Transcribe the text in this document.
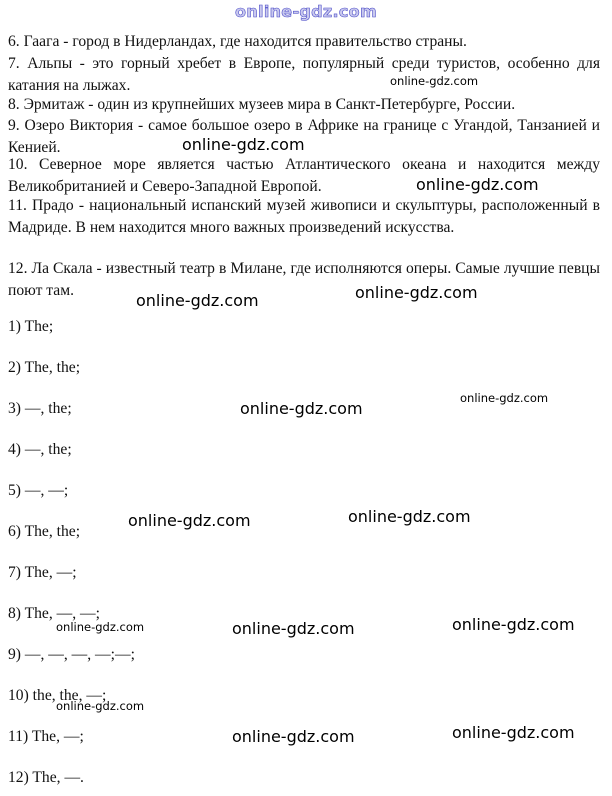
online-gdz.com

6. Гаага - город в Нидерландах, где находится правительство страны.

7. Альпы - это горный хребет в Европе, популярный среди туристов, особенно для катания на лыжах.

8. Эрмитаж - один из крупнейших музеев мира в Санкт-Петербурге, России.

9. Озеро Виктория - самое большое озеро в Африке на границе с Угандой, Танзанией и Кенией.

10. Северное море является частью Атлантического океана и находится между Великобританией и Северо-Западной Европой.

11. Прадо - национальный испанский музей живописи и скульптуры, расположенный в Мадриде. В нем находится много важных произведений искусства.

12. Ла Скала - известный театр в Милане, где исполняются оперы. Самые лучшие певцы поют там.

1) The;

2) The, the;

3) —, the;

4) —, the;

5) —, —;

6) The, the;

7) The, —;

8) The, —, —;

9) —, —, —, —;—;

10) the, the, —;

11) The, —;

12) The, —.

online-gdz.com
online-gdz.com
online-gdz.com
online-gdz.com	online-gdz.com
online-gdz.com
online-gdz.com
online-gdz.com	online-gdz.com
online-gdz.com	online-gdz.com	online-gdz.com
online-gdz.com
online-gdz.com	online-gdz.com
